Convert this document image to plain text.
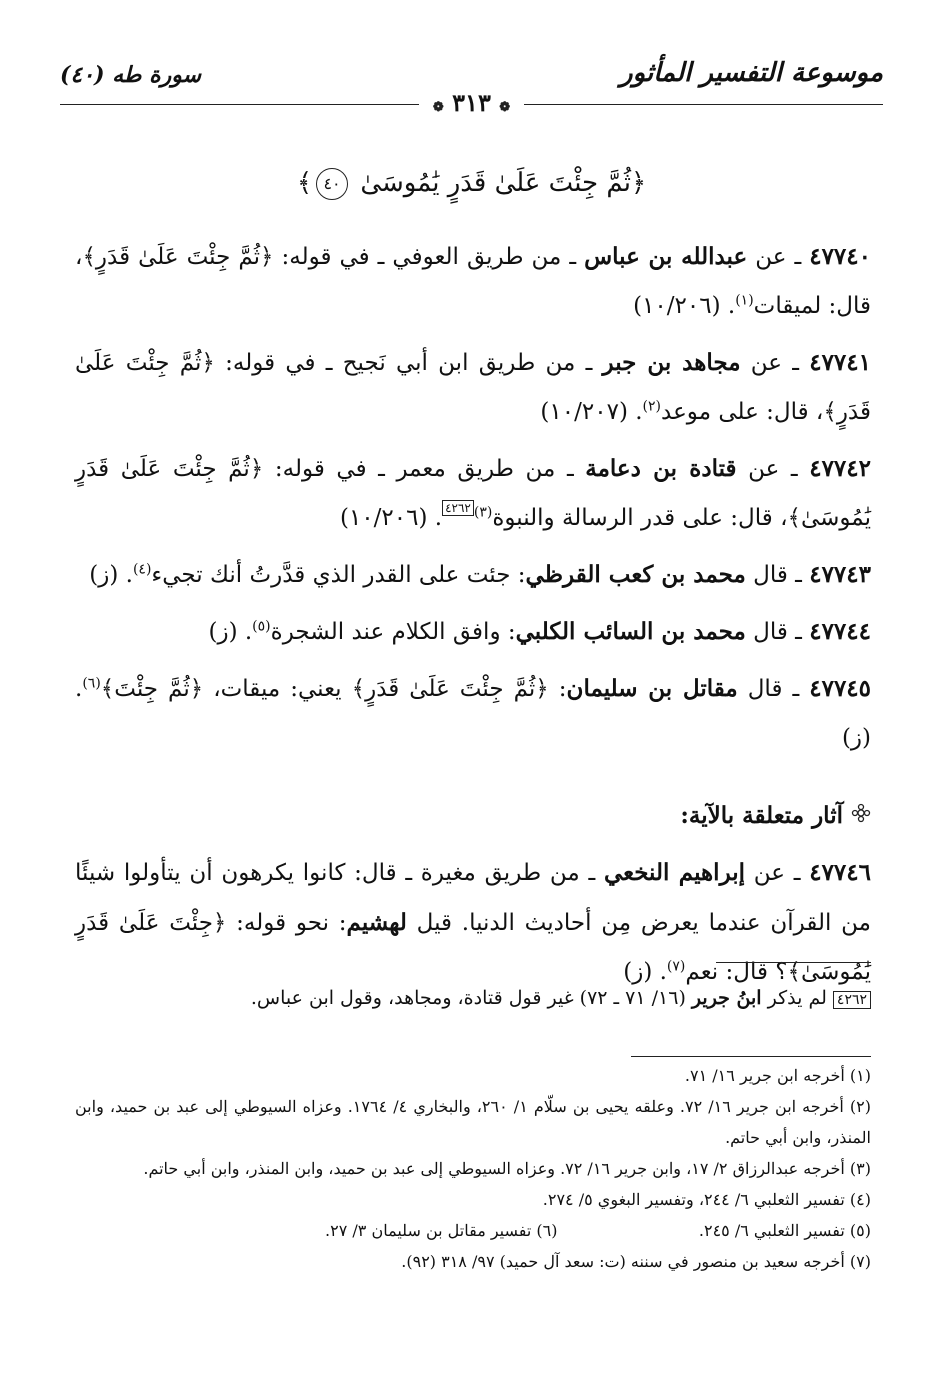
موسوعة التفسير المأثور
سورة طه (٤٠)
❁ ٣١٣ ❁
﴿ثُمَّ جِئْتَ عَلَىٰ قَدَرٍ يَٰمُوسَىٰ ٤٠﴾
٤٧٧٤٠ ـ عن عبدالله بن عباس ـ من طريق العوفي ـ في قوله: ﴿ثُمَّ جِئْتَ عَلَىٰ قَدَرٍ﴾، قال: لميقات$^{(١)}$. (١٠/٢٠٦)
٤٧٧٤١ ـ عن مجاهد بن جبر ـ من طريق ابن أبي نَجيح ـ في قوله: ﴿ثُمَّ جِئْتَ عَلَىٰ قَدَرٍ﴾، قال: على موعد$^{(٢)}$. (١٠/٢٠٧)
٤٧٧٤٢ ـ عن قتادة بن دعامة ـ من طريق معمر ـ في قوله: ﴿ثُمَّ جِئْتَ عَلَىٰ قَدَرٍ يَٰمُوسَىٰ﴾، قال: على قدر الرسالة والنبوة$^{(٣)}$٤٢٦٢. (١٠/٢٠٦)
٤٧٧٤٣ ـ قال محمد بن كعب القرظي: جئت على القدر الذي قدَّرتُ أنك تجيء$^{(٤)}$. (ز)
٤٧٧٤٤ ـ قال محمد بن السائب الكلبي: وافق الكلام عند الشجرة$^{(٥)}$. (ز)
٤٧٧٤٥ ـ قال مقاتل بن سليمان: ﴿ثُمَّ جِئْتَ عَلَىٰ قَدَرٍ﴾ يعني: ميقات، ﴿ثُمَّ جِئْتَ﴾$^{(٦)}$. (ز)
آثار متعلقة بالآية:
٤٧٧٤٦ ـ عن إبراهيم النخعي ـ من طريق مغيرة ـ قال: كانوا يكرهون أن يتأولوا شيئًا من القرآن عندما يعرض مِن أحاديث الدنيا. قيل لهشيم: نحو قوله: ﴿جِئْتَ عَلَىٰ قَدَرٍ يَٰمُوسَىٰ﴾؟ قال: نعم$^{(٧)}$. (ز)
٤٢٦٢ لم يذكر ابنُ جرير (١٦/ ٧١ ـ ٧٢) غير قول قتادة، ومجاهد، وقول ابن عباس.
(١) أخرجه ابن جرير ١٦/ ٧١.
(٢) أخرجه ابن جرير ١٦/ ٧٢. وعلقه يحيى بن سلّام ١/ ٢٦٠، والبخاري ٤/ ١٧٦٤. وعزاه السيوطي إلى عبد بن حميد، وابن المنذر، وابن أبي حاتم.
(٣) أخرجه عبدالرزاق ٢/ ١٧، وابن جرير ١٦/ ٧٢. وعزاه السيوطي إلى عبد بن حميد، وابن المنذر، وابن أبي حاتم.
(٤) تفسير الثعلبي ٦/ ٢٤٤، وتفسير البغوي ٥/ ٢٧٤.
(٥) تفسير الثعلبي ٦/ ٢٤٥.
(٦) تفسير مقاتل بن سليمان ٣/ ٢٧.
(٧) أخرجه سعيد بن منصور في سننه (ت: سعد آل حميد) ٩٧/ ٣١٨ (٩٢).
